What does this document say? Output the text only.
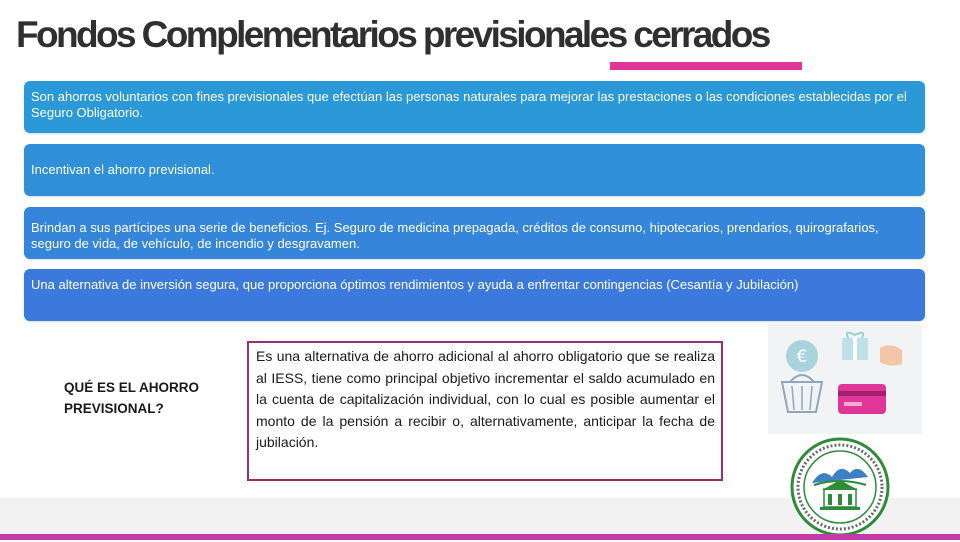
Fondos Complementarios previsionales cerrados
Son ahorros voluntarios con fines previsionales que efectúan las personas naturales para mejorar las prestaciones o las condiciones establecidas por el Seguro Obligatorio.
Incentivan el ahorro previsional.
Brindan a sus partícipes una serie de beneficios. Ej. Seguro de medicina prepagada, créditos de consumo, hipotecarios, prendarios, quirografarios, seguro de vida, de vehículo, de incendio y desgravamen.
Una alternativa de inversión segura, que proporciona óptimos rendimientos y ayuda a enfrentar contingencias (Cesantía y Jubilación)

QUÉ ES EL AHORRO PREVISIONAL?

Es una alternativa de ahorro adicional al ahorro obligatorio que se realiza al IESS, tiene como principal objetivo incrementar el saldo acumulado en la cuenta de capitalización individual, con lo cual es posible aumentar el monto de la pensión a recibir o, alternativamente, anticipar la fecha de jubilación.
€
